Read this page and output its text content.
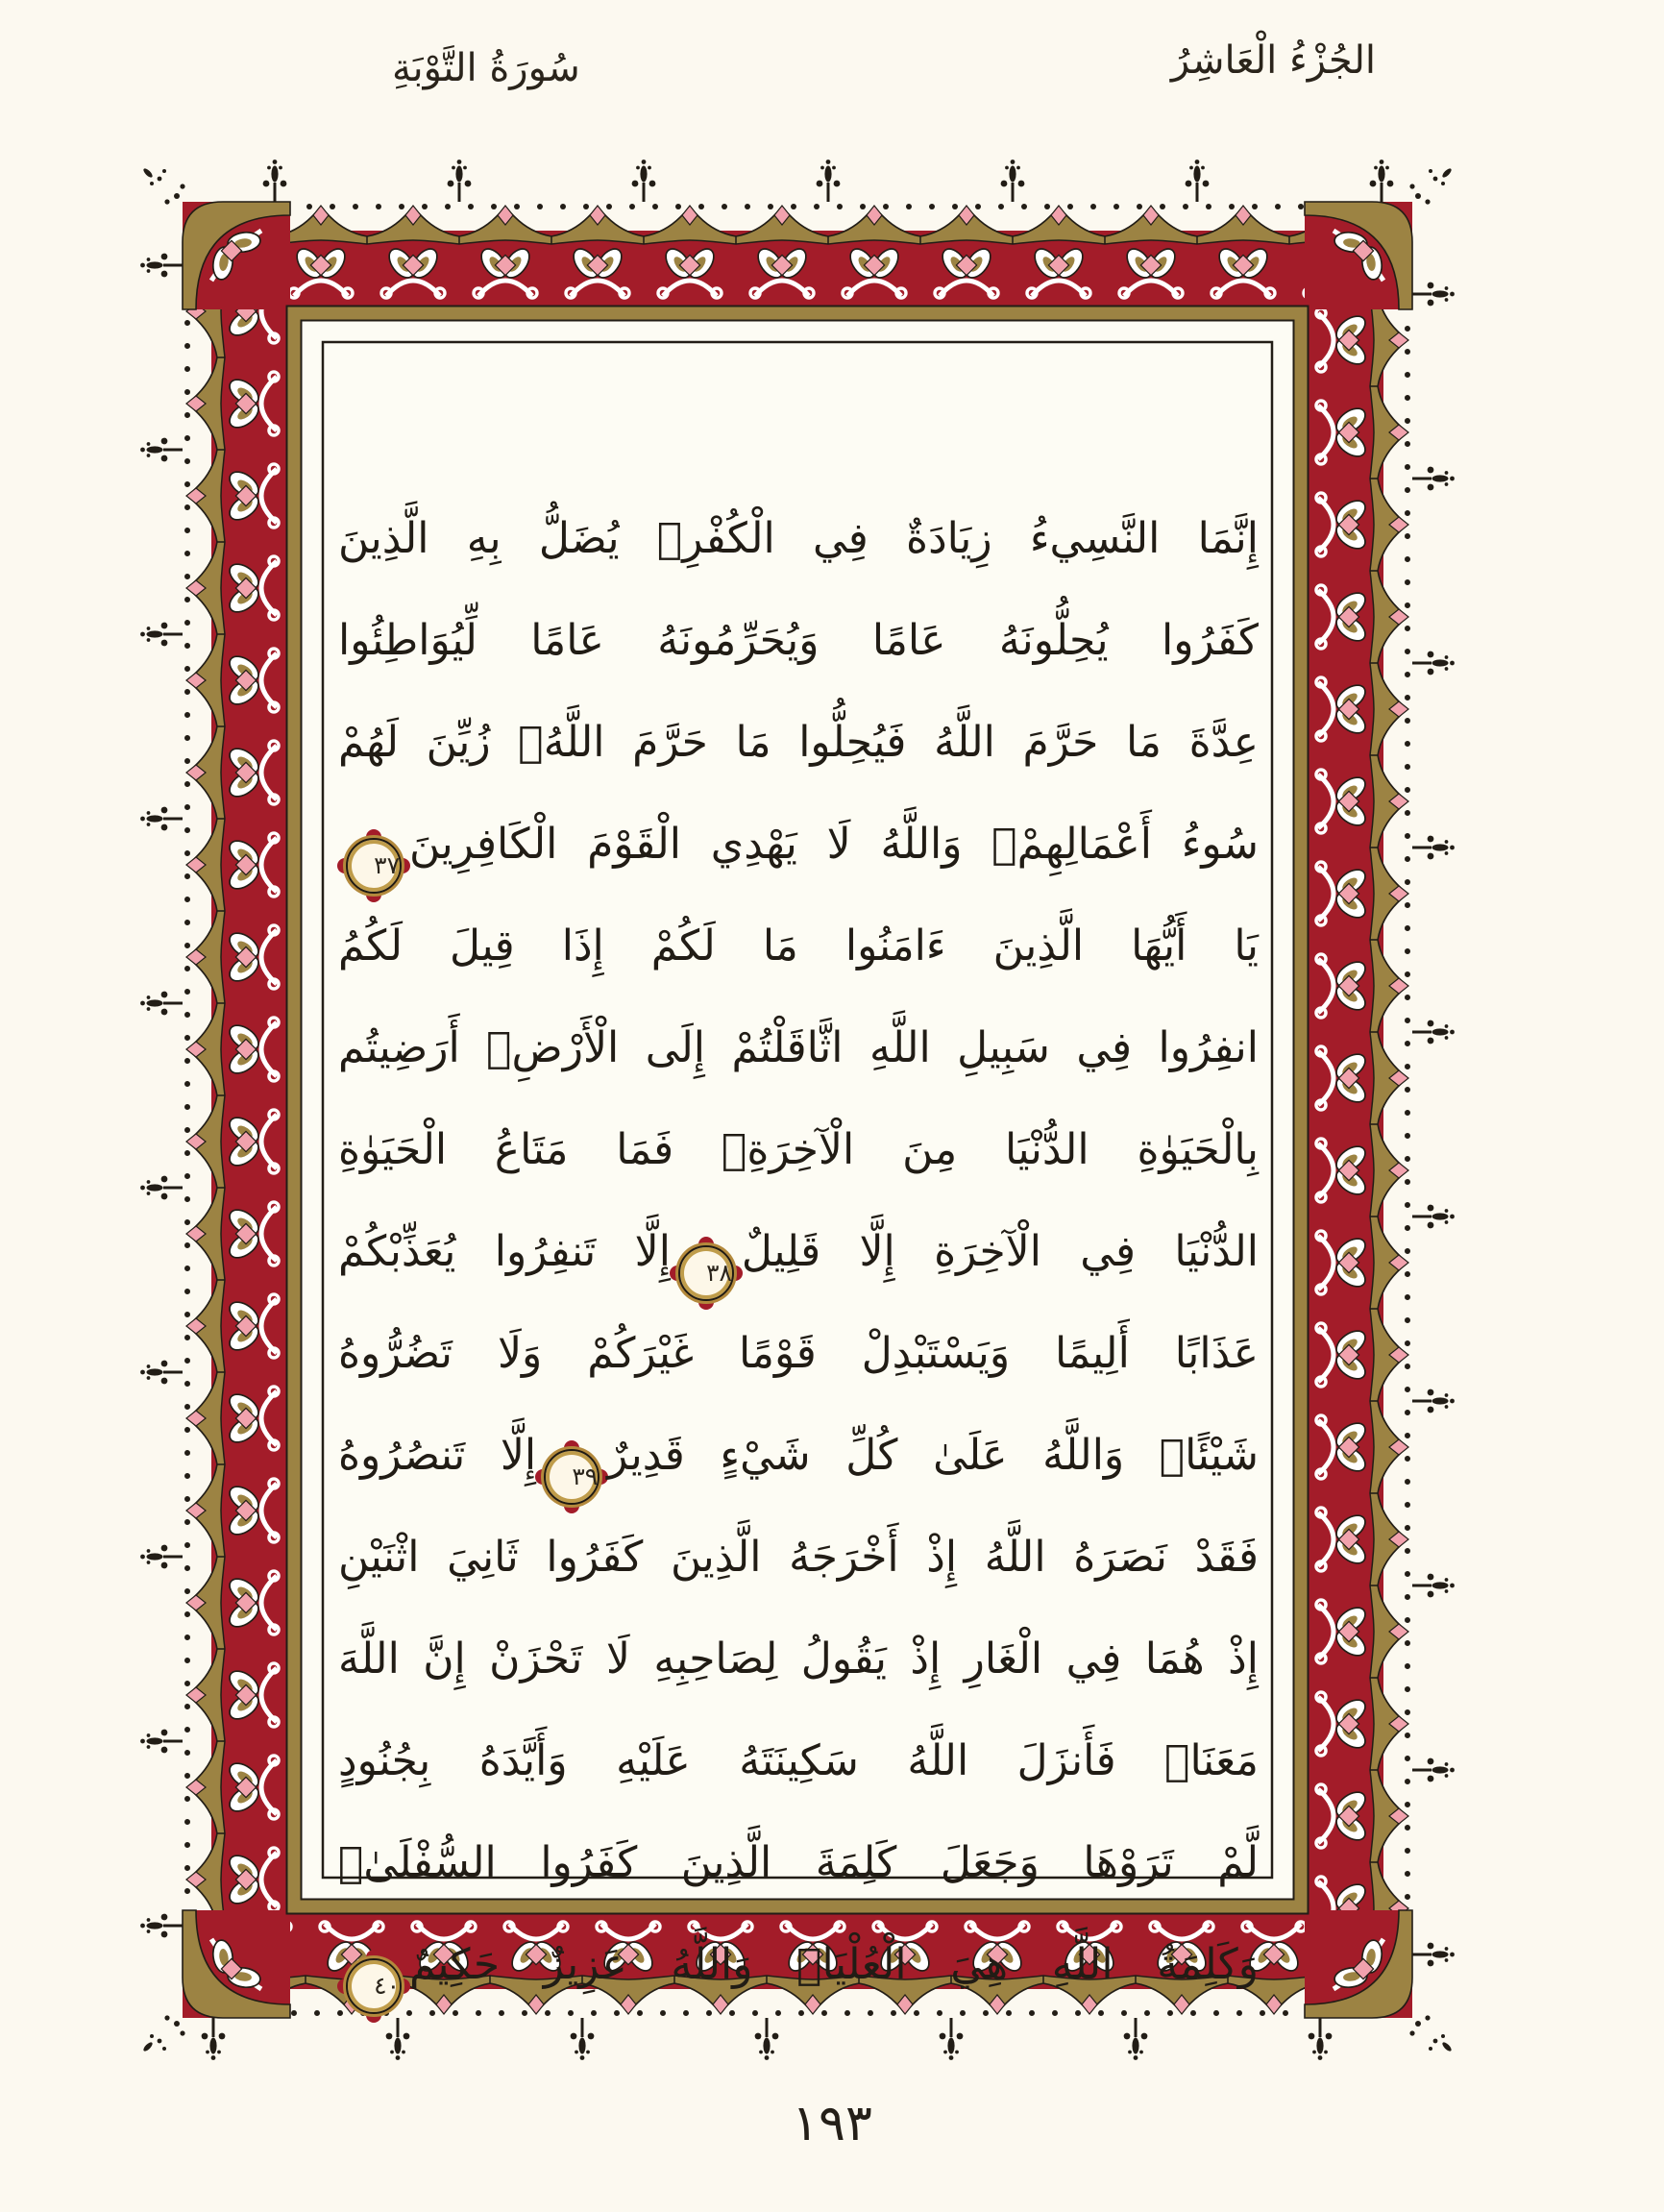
سُورَةُ التَّوْبَةِ	الجُزْءُ الْعَاشِرُ
إِنَّمَا النَّسِيءُ زِيَادَةٌ فِي الْكُفْرِۖ يُضَلُّ بِهِ الَّذِينَ
كَفَرُوا يُحِلُّونَهُ عَامًا وَيُحَرِّمُونَهُ عَامًا لِّيُوَاطِئُوا
عِدَّةَ مَا حَرَّمَ اللَّهُ فَيُحِلُّوا مَا حَرَّمَ اللَّهُۚ زُيِّنَ لَهُمْ
سُوءُ أَعْمَالِهِمْۗ وَاللَّهُ لَا يَهْدِي الْقَوْمَ الْكَافِرِينَ٣٧
يَا أَيُّهَا الَّذِينَ ءَامَنُوا مَا لَكُمْ إِذَا قِيلَ لَكُمُ
انفِرُوا فِي سَبِيلِ اللَّهِ اثَّاقَلْتُمْ إِلَى الْأَرْضِۚ أَرَضِيتُم
بِالْحَيَوٰةِ الدُّنْيَا مِنَ الْآخِرَةِۚ فَمَا مَتَاعُ الْحَيَوٰةِ
الدُّنْيَا فِي الْآخِرَةِ إِلَّا قَلِيلٌ٣٨إِلَّا تَنفِرُوا يُعَذِّبْكُمْ
عَذَابًا أَلِيمًا وَيَسْتَبْدِلْ قَوْمًا غَيْرَكُمْ وَلَا تَضُرُّوهُ
شَيْئًاۗ وَاللَّهُ عَلَىٰ كُلِّ شَيْءٍ قَدِيرٌ٣٩إِلَّا تَنصُرُوهُ
فَقَدْ نَصَرَهُ اللَّهُ إِذْ أَخْرَجَهُ الَّذِينَ كَفَرُوا ثَانِيَ اثْنَيْنِ
إِذْ هُمَا فِي الْغَارِ إِذْ يَقُولُ لِصَاحِبِهِ لَا تَحْزَنْ إِنَّ اللَّهَ
مَعَنَاۖ فَأَنزَلَ اللَّهُ سَكِينَتَهُ عَلَيْهِ وَأَيَّدَهُ بِجُنُودٍ
لَّمْ تَرَوْهَا وَجَعَلَ كَلِمَةَ الَّذِينَ كَفَرُوا السُّفْلَىٰۗ
وَكَلِمَةُ اللَّهِ هِيَ الْعُلْيَاۗ وَاللَّهُ عَزِيزٌ حَكِيمٌ٤٠
١٩٣
